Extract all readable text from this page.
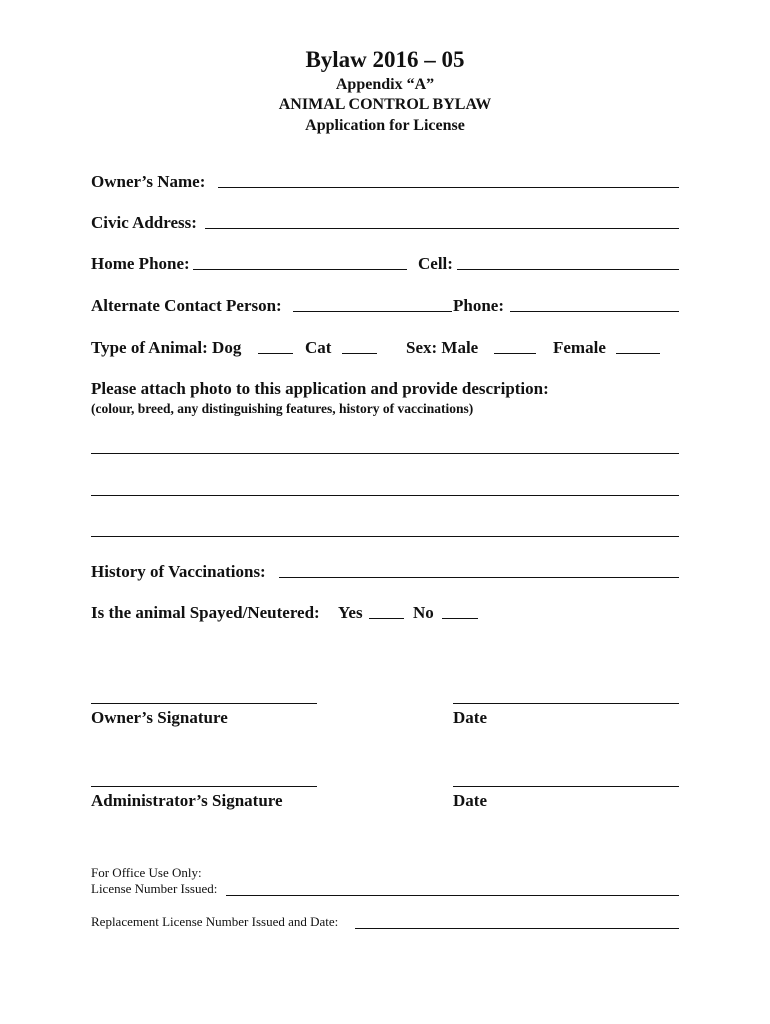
Bylaw 2016 – 05
Appendix “A”
ANIMAL CONTROL BYLAW
Application for License
Owner’s Name:
Civic Address:
Home Phone:	Cell:
Alternate Contact Person:	Phone:
Type of Animal: Dog	Cat	Sex: Male	Female
Please attach photo to this application and provide description:
(colour, breed, any distinguishing features, history of vaccinations)
History of Vaccinations:
Is the animal Spayed/Neutered: Yes	No
Owner’s Signature	Date
Administrator’s Signature	Date
For Office Use Only:
License Number Issued:
Replacement License Number Issued and Date:
